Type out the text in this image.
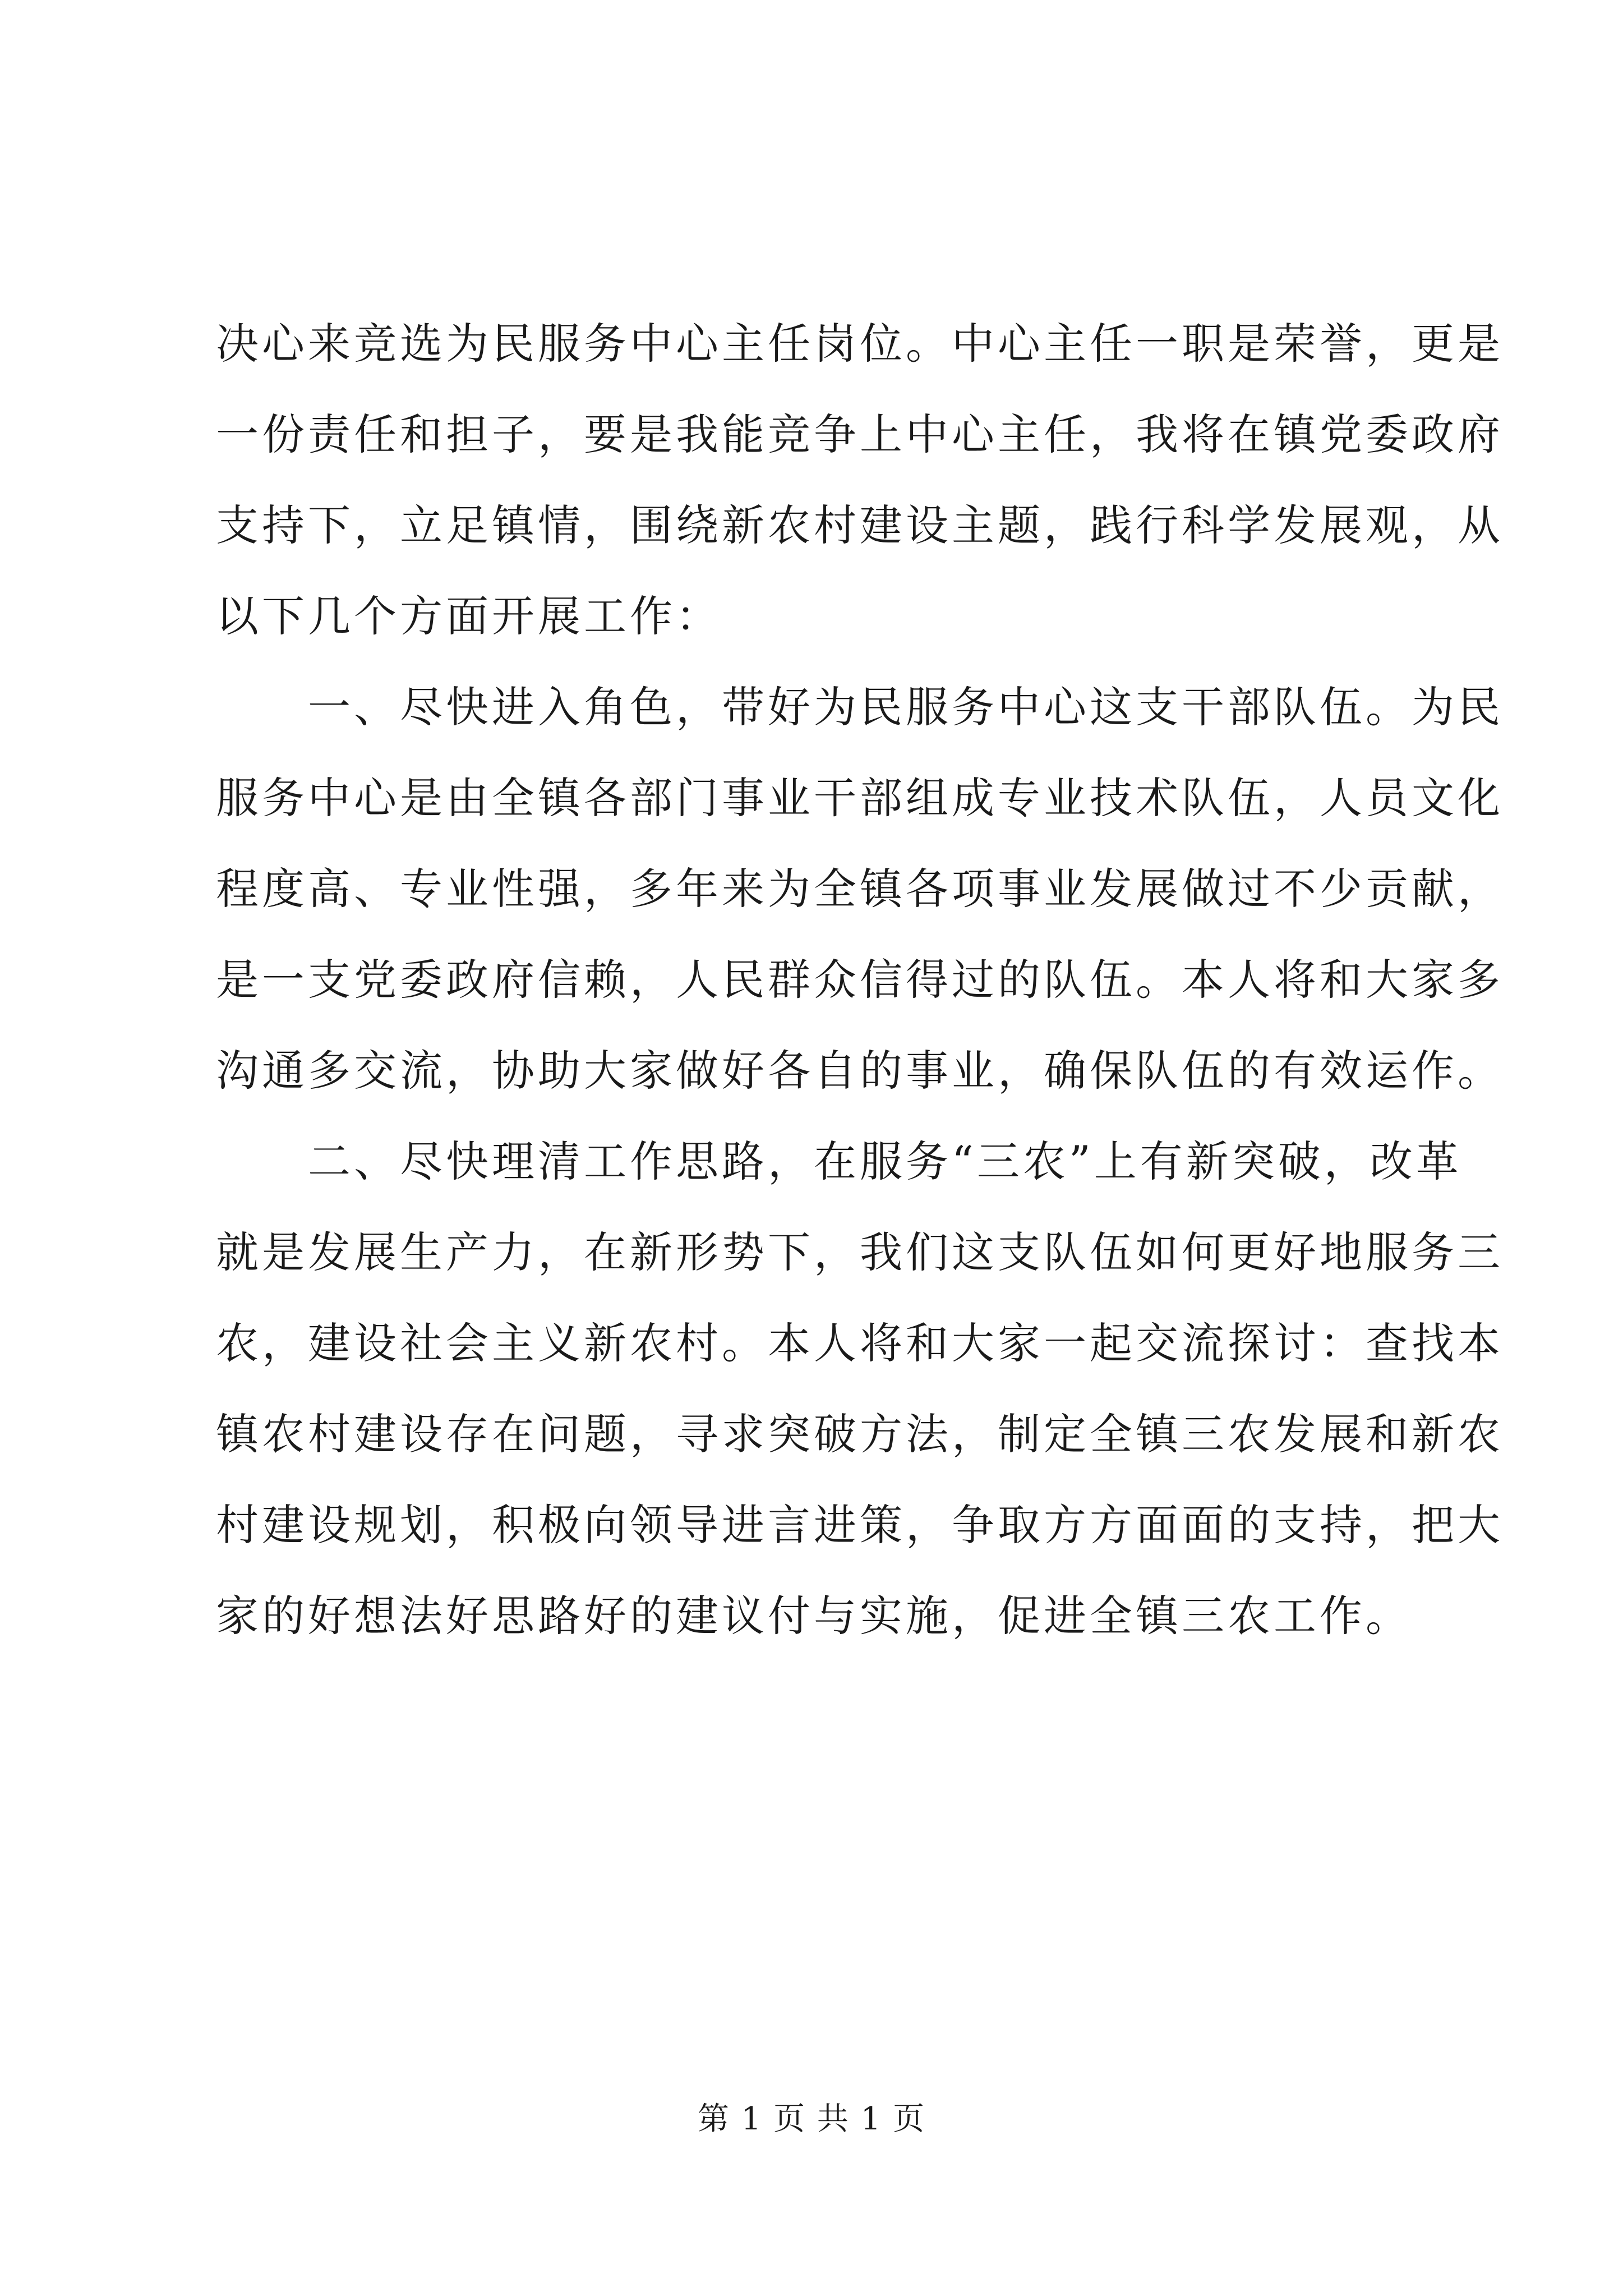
决心来竞选为民服务中心主任岗位。中心主任一职是荣誉，更是
一份责任和担子，要是我能竞争上中心主任，我将在镇党委政府
支持下，立足镇情，围绕新农村建设主题，践行科学发展观，从
以下几个方面开展工作：
一、尽快进入角色，带好为民服务中心这支干部队伍。为民
服务中心是由全镇各部门事业干部组成专业技术队伍，人员文化
程度高、专业性强，多年来为全镇各项事业发展做过不少贡献，
是一支党委政府信赖，人民群众信得过的队伍。本人将和大家多
沟通多交流，协助大家做好各自的事业，确保队伍的有效运作。
二、尽快理清工作思路，在服务“三农”上有新突破，改革
就是发展生产力，在新形势下，我们这支队伍如何更好地服务三
农，建设社会主义新农村。本人将和大家一起交流探讨：查找本
镇农村建设存在问题，寻求突破方法，制定全镇三农发展和新农
村建设规划，积极向领导进言进策，争取方方面面的支持，把大
家的好想法好思路好的建议付与实施，促进全镇三农工作。
第 1 页 共 1 页
